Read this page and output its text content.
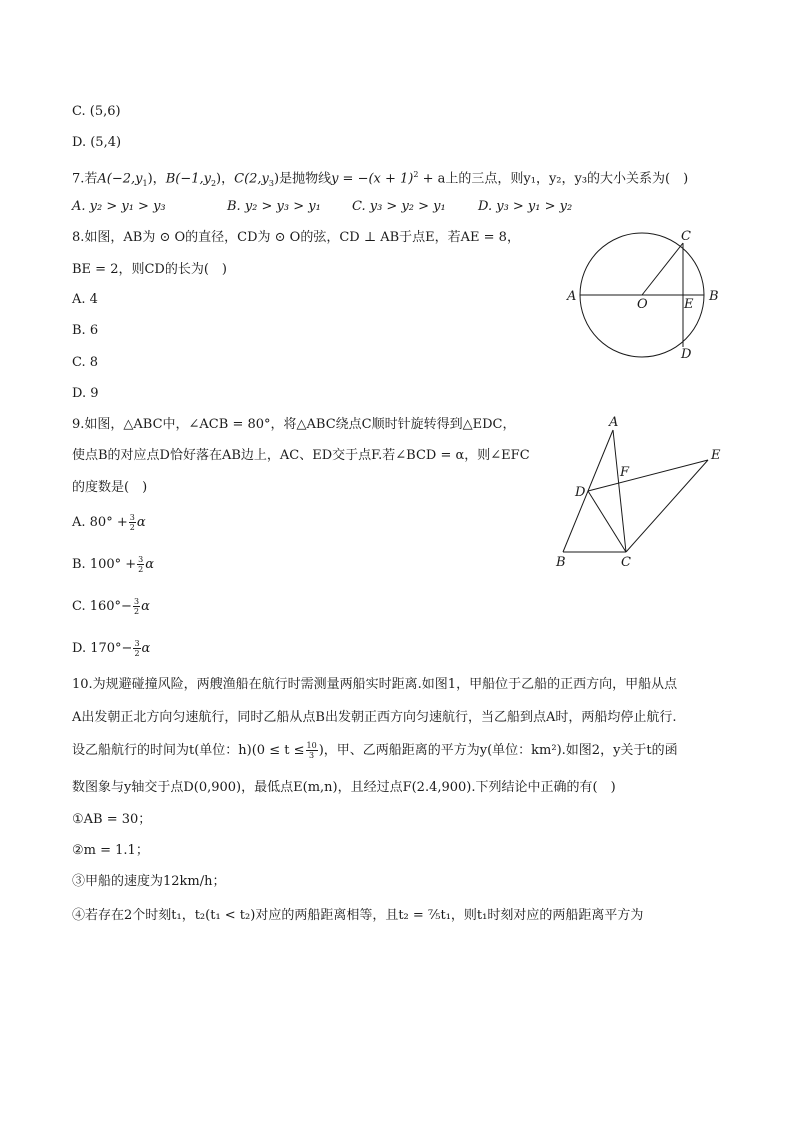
C. (5,6)
D. (5,4)
7.若$A(-2,y_1)$，$B(-1,y_2)$，$C(2,y_3)$是抛物线$y = -(x + 1)^2 + a$上的三点，则y₁，y₂，y₃的大小关系为(　)
A. y₂ > y₁ > y₃	B. y₂ > y₃ > y₁ C. y₃ > y₂ > y₁ D. y₃ > y₁ > y₂
8.如图，AB为 ⊙ O的直径，CD为 ⊙ O的弦，CD ⊥ AB于点E，若AE = 8，
BE = 2，则CD的长为(　)
A. 4
B. 6
C. 8
D. 9
A	B
C
D
E
O
9.如图，△ABC中，∠ACB = 80°，将△ABC绕点C顺时针旋转得到△EDC，
使点B的对应点D恰好落在AB边上，AC、ED交于点F.若∠BCD = α，则∠EFC
的度数是(　)
A. $80^\circ + \frac{3}{2}$ α
B. $100^\circ + \frac{3}{2}$ α
C. $160^\circ- \frac{3}{2}$ α
D. $170^\circ- \frac{3}{2}$ α
A
B	C
D
E
F
10.为规避碰撞风险，两艘渔船在航行时需测量两船实时距离.如图1，甲船位于乙船的正西方向，甲船从点
A出发朝正北方向匀速航行，同时乙船从点B出发朝正西方向匀速航行，当乙船到点A时，两船均停止航行.
设乙船航行的时间为t(单位：$h)(0 \le t \le \frac{10}{3}$ )，甲、乙两船距离的平方为y(单位：km²).如图2，y关于t的函
数图象与y轴交于点D(0,900)，最低点E(m,n)，且经过点F(2.4,900).下列结论中正确的有(　)
①AB = 30；
②m = 1.1；
③甲船的速度为12km/h；
④若存在2个时刻t₁，t₂(t₁ < t₂)对应的两船距离相等，且t₂ = ⁷⁄₅t₁，则t₁时刻对应的两船距离平方为
